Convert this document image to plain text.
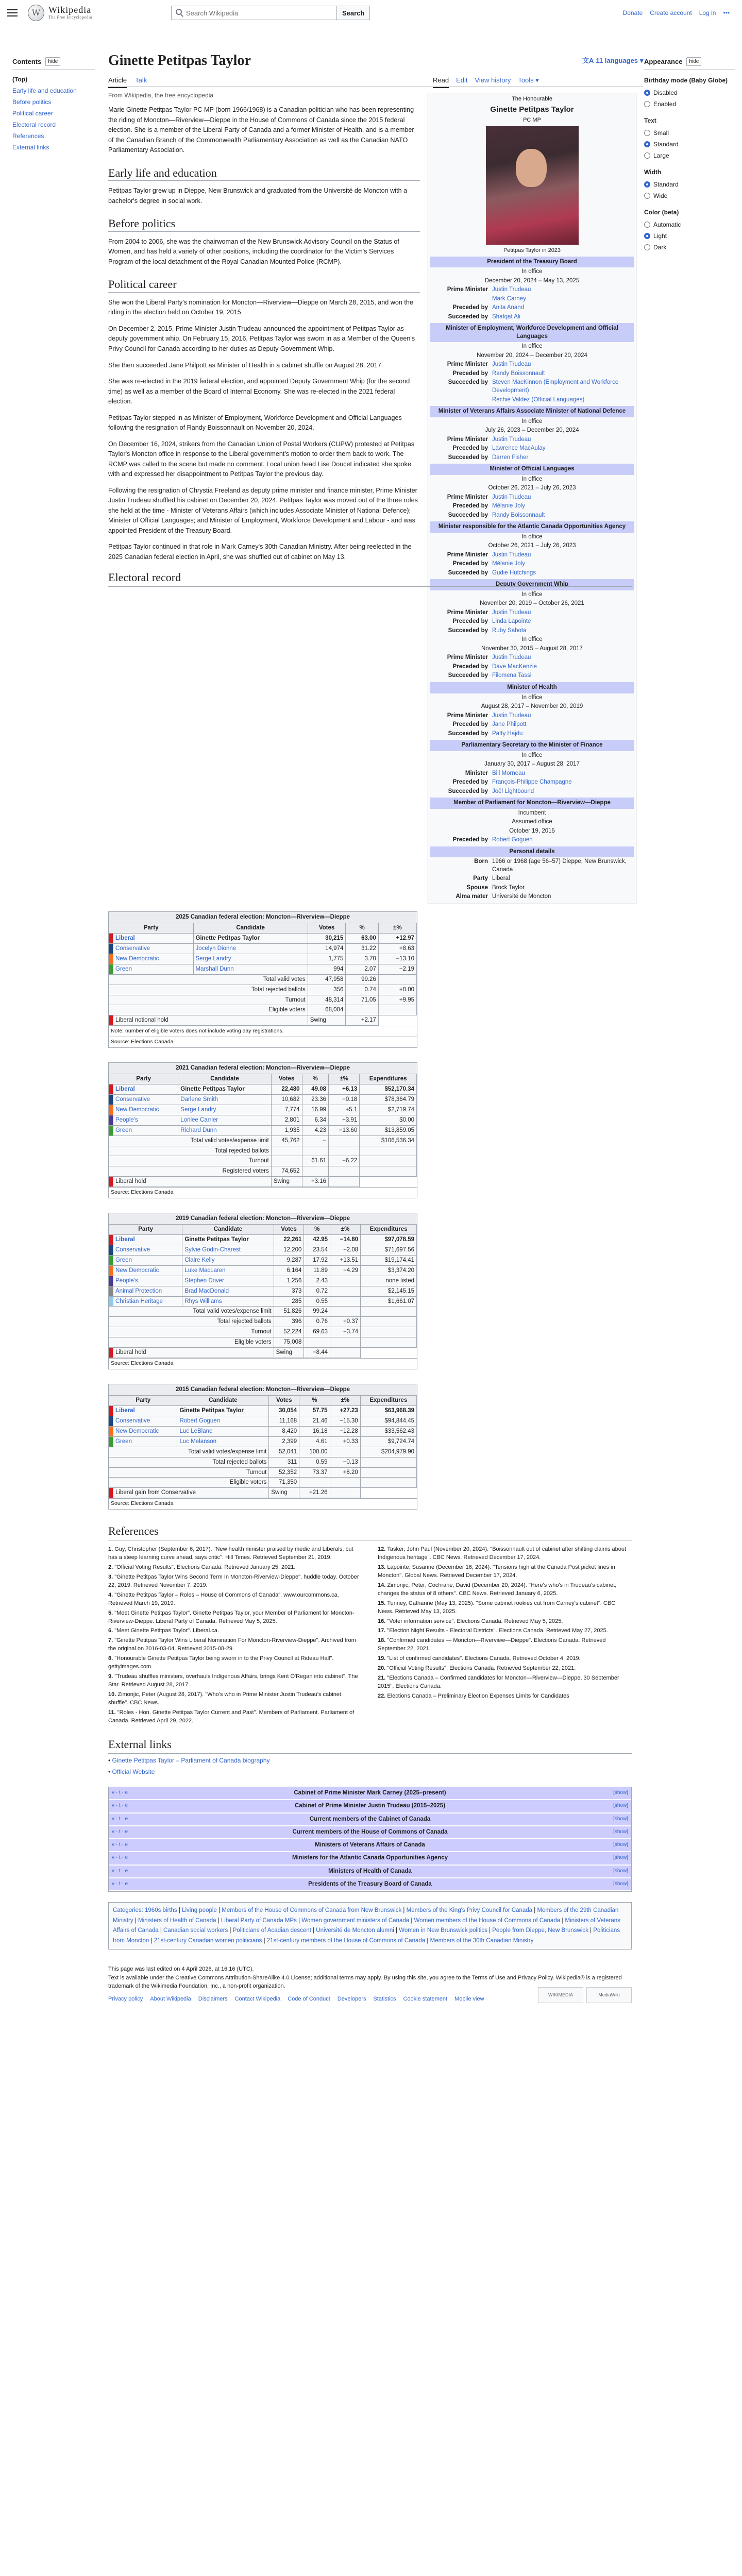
W Wikipedia
The Free Encyclopedia
Search Wikipedia
Search	Donate Create account Log in •••
Contents	hide
(Top)
Early life and education
Before politics
Political career
Electoral record
References
External links
Ginette Petitpas Taylor	文A 11 languages ▾
Article Talk	Read Edit View history Tools ▾
From Wikipedia, the free encyclopedia

Marie Ginette Petitpas Taylor PC MP (born 1966/1968) is a Canadian politician who has been representing the riding of Moncton—Riverview—Dieppe in the House of Commons of Canada since the 2015 federal election. She is a member of the Liberal Party of Canada and a former Minister of Health, and is a member of the Canadian Branch of the Commonwealth Parliamentary Association as well as the Canadian NATO Parliamentary Association.

Early life and education

Petitpas Taylor grew up in Dieppe, New Brunswick and graduated from the Université de Moncton with a bachelor's degree in social work.

Before politics

From 2004 to 2006, she was the chairwoman of the New Brunswick Advisory Council on the Status of Women, and has held a variety of other positions, including the coordinator for the Victim's Services Program of the local detachment of the Royal Canadian Mounted Police (RCMP).

Political career

She won the Liberal Party's nomination for Moncton—Riverview—Dieppe on March 28, 2015, and won the riding in the election held on October 19, 2015.

On December 2, 2015, Prime Minister Justin Trudeau announced the appointment of Petitpas Taylor as deputy government whip. On February 15, 2016, Petitpas Taylor was sworn in as a Member of the Queen's Privy Council for Canada according to her duties as Deputy Government Whip.

She then succeeded Jane Philpott as Minister of Health in a cabinet shuffle on August 28, 2017.

She was re-elected in the 2019 federal election, and appointed Deputy Government Whip (for the second time) as well as a member of the Board of Internal Economy. She was re-elected in the 2021 federal election.

Petitpas Taylor stepped in as Minister of Employment, Workforce Development and Official Languages following the resignation of Randy Boissonnault on November 20, 2024.

On December 16, 2024, strikers from the Canadian Union of Postal Workers (CUPW) protested at Petitpas Taylor's Moncton office in response to the Liberal government's motion to order them back to work. The RCMP was called to the scene but made no comment. Local union head Lise Doucet indicated she spoke with and expressed her disappointment to Petitpas Taylor the previous day.

Following the resignation of Chrystia Freeland as deputy prime minister and finance minister, Prime Minister Justin Trudeau shuffled his cabinet on December 20, 2024. Petitpas Taylor was moved out of the three roles she held at the time - Minister of Veterans Affairs (which includes Associate Minister of National Defence); Minister of Official Languages; and Minister of Employment, Workforce Development and Labour - and was appointed President of the Treasury Board.

Petitpas Taylor continued in that role in Mark Carney's 30th Canadian Ministry. After being reelected in the 2025 Canadian federal election in April, she was shuffled out of cabinet on May 13.

The Honourable
Ginette Petitpas Taylor
PC MP
Petitpas Taylor in 2023
President of the Treasury Board
In office
December 20, 2024 – May 13, 2025
Prime Minister Justin Trudeau
Mark Carney
Preceded by Anita Anand
Succeeded by Shafqat Ali
Minister of Employment, Workforce Development and Official Languages
In office
November 20, 2024 – December 20, 2024
Prime Minister Justin Trudeau
Preceded by Randy Boissonnault
Succeeded by Steven MacKinnon (Employment and Workforce Development)
Rechie Valdez (Official Languages)
Minister of Veterans Affairs Associate Minister of National Defence
In office
July 26, 2023 – December 20, 2024
Prime Minister Justin Trudeau
Preceded by Lawrence MacAulay
Succeeded by Darren Fisher
Minister of Official Languages
In office
October 26, 2021 – July 26, 2023
Prime Minister Justin Trudeau
Preceded by Mélanie Joly
Succeeded by Randy Boissonnault
Minister responsible for the Atlantic Canada Opportunities Agency
In office
October 26, 2021 – July 26, 2023
Prime Minister Justin Trudeau
Preceded by Mélanie Joly
Succeeded by Gudie Hutchings
Deputy Government Whip
In office
November 20, 2019 – October 26, 2021
Prime Minister Justin Trudeau
Preceded by Linda Lapointe
Succeeded by Ruby Sahota
In office
November 30, 2015 – August 28, 2017
Prime Minister Justin Trudeau
Preceded by Dave MacKenzie
Succeeded by Filomena Tassi
Minister of Health
In office
August 28, 2017 – November 20, 2019
Prime Minister Justin Trudeau
Preceded by Jane Philpott
Succeeded by Patty Hajdu
Parliamentary Secretary to the Minister of Finance
In office
January 30, 2017 – August 28, 2017
Minister Bill Morneau
Preceded by François-Philippe Champagne
Succeeded by Joël Lightbound
Member of Parliament for Moncton—Riverview—Dieppe
Incumbent
Assumed office
October 19, 2015
Preceded by Robert Goguen
Personal details
Born 1966 or 1968 (age 56–57) Dieppe, New Brunswick, Canada
Party Liberal
Spouse Brock Taylor
Alma mater Université de Moncton
Appearance	hide
Birthday mode (Baby Globe)
Disabled
Enabled
Text
Small
Standard
Large
Width
Standard
Wide
Color (beta)
Automatic
Light
Dark
Electoral record
References
External links
• Ginette Petitpas Taylor – Parliament of Canada biography
• Official Website
v · t · e	Cabinet of Prime Minister Mark Carney (2025–present)	[show]
v · t · e	Cabinet of Prime Minister Justin Trudeau (2015–2025)	[show]
v · t · e	Current members of the Cabinet of Canada	[show]
v · t · e	Current members of the House of Commons of Canada	[show]
v · t · e	Ministers of Veterans Affairs of Canada	[show]
v · t · e	Ministers for the Atlantic Canada Opportunities Agency	[show]
v · t · e	Ministers of Health of Canada	[show]
v · t · e	Presidents of the Treasury Board of Canada	[show]
Categories: 1960s births | Living people | Members of the House of Commons of Canada from New Brunswick | Members of the King's Privy Council for Canada | Members of the 29th Canadian Ministry | Ministers of Health of Canada | Liberal Party of Canada MPs | Women government ministers of Canada | Women members of the House of Commons of Canada | Ministers of Veterans Affairs of Canada | Canadian social workers | Politicians of Acadian descent | Université de Moncton alumni | Women in New Brunswick politics | People from Dieppe, New Brunswick | Politicians from Moncton | 21st-century Canadian women politicians | 21st-century members of the House of Commons of Canada | Members of the 30th Canadian Ministry
This page was last edited on 4 April 2026, at 16:16 (UTC).
Text is available under the Creative Commons Attribution-ShareAlike 4.0 License; additional terms may apply. By using this site, you agree to the Terms of Use and Privacy Policy. Wikipedia® is a registered trademark of the Wikimedia Foundation, Inc., a non-profit organization.
Privacy policy About Wikipedia Disclaimers Contact Wikipedia Code of Conduct Developers Statistics Cookie statement Mobile view
WIKIMEDIA	MediaWiki
2025 Canadian federal election: Moncton—Riverview—Dieppe
Party		Candidate	Votes	%	±%
	Liberal	Ginette Petitpas Taylor	30,215	63.00	+12.97
	Conservative	Jocelyn Dionne	14,974	31.22	+8.63
	New Democratic	Serge Landry	1,775	3.70	−13.10
	Green	Marshall Dunn	994	2.07	−2.19
Total valid votes			47,958	99.26	
Total rejected ballots			356	0.74	+0.00
Turnout			48,314	71.05	+9.95
Eligible voters			68,004		
	Liberal notional hold		Swing	+2.17	
Note: number of eligible voters does not include voting day registrations.
Source: Elections Canada
2021 Canadian federal election: Moncton—Riverview—Dieppe
Party		Candidate	Votes	%	±%	Expenditures
	Liberal	Ginette Petitpas Taylor	22,480	49.08	+6.13	$52,170.34
	Conservative	Darlene Smith	10,682	23.36	−0.18	$78,364.79
	New Democratic	Serge Landry	7,774	16.99	+5.1	$2,719.74
	People's	Lorilee Carrier	2,801	6.34	+3.91	$0.00
	Green	Richard Dunn	1,935	4.23	−13.60	$13,859.05
Total valid votes/expense limit			45,762	–		$106,536.34
Total rejected ballots						
Turnout				61.61	−6.22	
Registered voters			74,652			
	Liberal hold		Swing	+3.16		
Source: Elections Canada
2019 Canadian federal election: Moncton—Riverview—Dieppe
Party		Candidate	Votes	%	±%	Expenditures
	Liberal	Ginette Petitpas Taylor	22,261	42.95	−14.80	$97,078.59
	Conservative	Sylvie Godin-Charest	12,200	23.54	+2.08	$71,697.56
	Green	Claire Kelly	9,287	17.92	+13.51	$19,174.41
	New Democratic	Luke MacLaren	6,164	11.89	−4.29	$3,374.20
	People's	Stephen Driver	1,256	2.43		none listed
	Animal Protection	Brad MacDonald	373	0.72		$2,145.15
	Christian Heritage	Rhys Williams	285	0.55		$1,661.07
Total valid votes/expense limit			51,826	99.24		
Total rejected ballots			396	0.76	+0.37	
Turnout			52,224	69.63	−3.74	
Eligible voters			75,008			
	Liberal hold		Swing	−8.44		
Source: Elections Canada
2015 Canadian federal election: Moncton—Riverview—Dieppe
Party		Candidate	Votes	%	±%	Expenditures
	Liberal	Ginette Petitpas Taylor	30,054	57.75	+27.23	$63,968.39
	Conservative	Robert Goguen	11,168	21.46	−15.30	$94,844.45
	New Democratic	Luc LeBlanc	8,420	16.18	−12.28	$33,562.43
	Green	Luc Melanson	2,399	4.61	+0.33	$9,724.74
Total valid votes/expense limit			52,041	100.00		$204,979.90
Total rejected ballots			311	0.59	−0.13	
Turnout			52,352	73.37	+8.20	
Eligible voters			71,350			
	Liberal gain from Conservative		Swing	+21.26		
Source: Elections Canada
1. Guy, Christopher (September 6, 2017). "New health minister praised by medic and Liberals, but has a steep learning curve ahead, says critic". Hill Times. Retrieved September 21, 2019.
2. "Official Voting Results". Elections Canada. Retrieved January 25, 2021.
3. "Ginette Petitpas Taylor Wins Second Term In Moncton-Riverview-Dieppe". huddle today. October 22, 2019. Retrieved November 7, 2019.
4. "Ginette Petitpas Taylor – Roles – House of Commons of Canada". www.ourcommons.ca. Retrieved March 19, 2019.
5. "Meet Ginette Petitpas Taylor". Ginette Petitpas Taylor, your Member of Parliament for Moncton-Riverview-Dieppe. Liberal Party of Canada. Retrieved May 5, 2025.
6. "Meet Ginette Petitpas Taylor". Liberal.ca.
7. "Ginette Petitpas Taylor Wins Liberal Nomination For Moncton-Riverview-Dieppe". Archived from the original on 2016-03-04. Retrieved 2015-08-29.
8. "Honourable Ginette Petitpas Taylor being sworn in to the Privy Council at Rideau Hall". gettyimages.com.
9. "Trudeau shuffles ministers, overhauls Indigenous Affairs, brings Kent O'Regan into cabinet". The Star. Retrieved August 28, 2017.
10. Zimonjic, Peter (August 28, 2017). "Who's who in Prime Minister Justin Trudeau's cabinet shuffle". CBC News.
11. "Roles - Hon. Ginette Petitpas Taylor Current and Past". Members of Parliament. Parliament of Canada. Retrieved April 29, 2022.
12. Tasker, John Paul (November 20, 2024). "Boissonnault out of cabinet after shifting claims about Indigenous heritage". CBC News. Retrieved December 17, 2024.
13. Lapointe, Susanne (December 16, 2024). "Tensions high at the Canada Post picket lines in Moncton". Global News. Retrieved December 17, 2024.
14. Zimonjic, Peter; Cochrane, David (December 20, 2024). "Here's who's in Trudeau's cabinet, changes the status of 8 others". CBC News. Retrieved January 6, 2025.
15. Tunney, Catharine (May 13, 2025). "Some cabinet rookies cut from Carney's cabinet". CBC News. Retrieved May 13, 2025.
16. "Voter information service". Elections Canada. Retrieved May 5, 2025.
17. "Election Night Results - Electoral Districts". Elections Canada. Retrieved May 27, 2025.
18. "Confirmed candidates — Moncton—Riverview—Dieppe". Elections Canada. Retrieved September 22, 2021.
19. "List of confirmed candidates". Elections Canada. Retrieved October 4, 2019.
20. "Official Voting Results". Elections Canada. Retrieved September 22, 2021.
21. "Elections Canada – Confirmed candidates for Moncton—Riverview—Dieppe, 30 September 2015". Elections Canada.
22. Elections Canada – Preliminary Election Expenses Limits for Candidates
